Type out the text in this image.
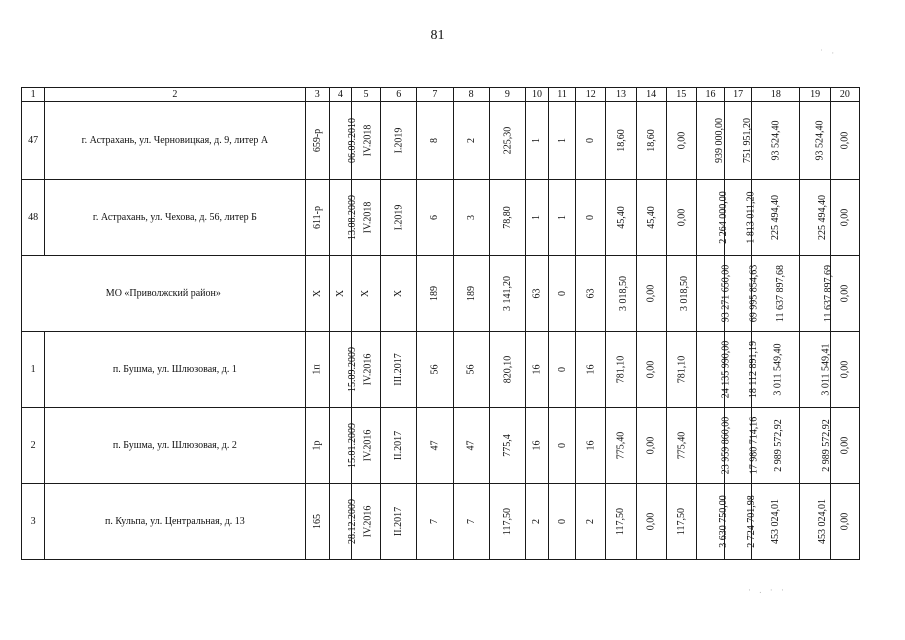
81
1	2	3	4	5	6	7	8	9	10	11	12	13	14	15	16	17	18	19	20
47	г. Астрахань, ул. Черновицкая, д. 9, литер А	659-р	06.09.2010	IV.2018	I.2019	8	2	225,30	1	1	0	18,60	18,60	0,00	939 000,00	751 951,20	93 524,40	93 524,40	0,00
48	г. Астрахань, ул. Чехова, д. 56, литер Б	611-р	13.08.2009	IV.2018	I.2019	6	3	78,80	1	1	0	45,40	45,40	0,00	2 264 000,00	1 813 011,20	225 494,40	225 494,40	0,00
МО «Приволжский район»		Х	Х	Х	Х	189	189	3 141,20	63	0	63	3 018,50	0,00	3 018,50	93 271 650,00	69 995 854,63	11 637 897,68	11 637 897,69	0,00
1	п. Бушма, ул. Шлюзовая, д. 1	1п	15.09.2009	IV.2016	III.2017	56	56	820,10	16	0	16	781,10	0,00	781,10	24 135 990,00	18 112 891,19	3 011 549,40	3 011 549,41	0,00
2	п. Бушма, ул. Шлюзовая, д. 2	1р	15.01.2009	IV.2016	II.2017	47	47	775,4	16	0	16	775,40	0,00	775,40	23 959 860,00	17 980 714,16	2 989 572,92	2 989 572,92	0,00
3	п. Кульпа, ул. Центральная, д. 13	165	28.12.2009	IV.2016	II.2017	7	7	117,50	2	0	2	117,50	0,00	117,50	3 630 750,00	2 724 701,98	453 024,01	453 024,01	0,00
˙ ·
· . · ·
